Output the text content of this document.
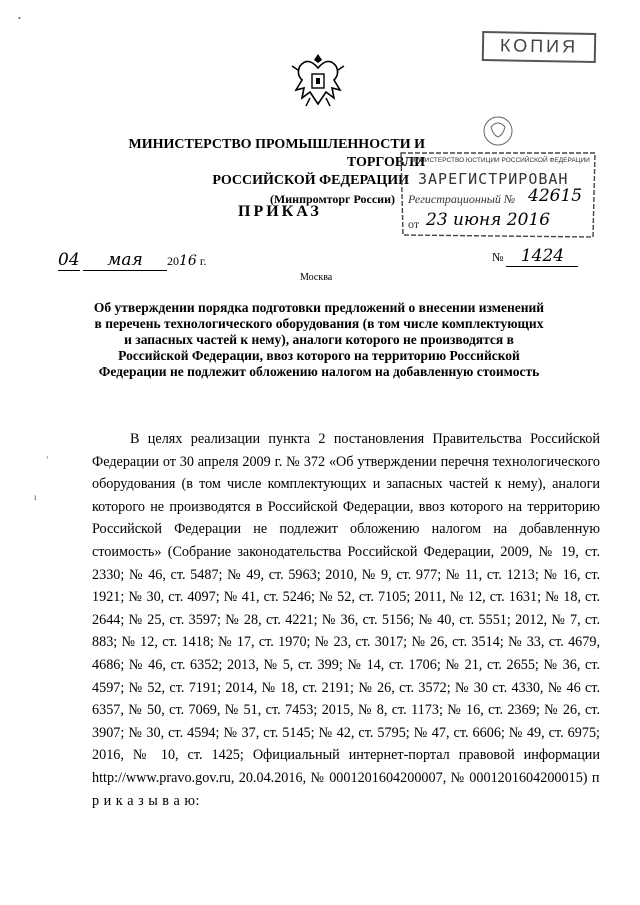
КОПИЯ
•
МИНИСТЕРСТВО ПРОМЫШЛЕННОСТИ И ТОРГОВЛИ
РОССИЙСКОЙ ФЕДЕРАЦИИ
(Минпромторг России)
МИНИСТЕРСТВО ЮСТИЦИИ РОССИЙСКОЙ ФЕДЕРАЦИИ
ЗАРЕГИСТРИРОВАН
Регистрационный № 42615
от 23 июня 2016
ПРИКАЗ
04 мая 2016 г.	№ 1424
Москва
Об утверждении порядка подготовки предложений о внесении изменений в перечень технологического оборудования (в том числе комплектующих и запасных частей к нему), аналоги которого не производятся в Российской Федерации, ввоз которого на территорию Российской Федерации не подлежит обложению налогом на добавленную стоимость
В целях реализации пункта 2 постановления Правительства Российской Федерации от 30 апреля 2009 г. № 372 «Об утверждении перечня технологического оборудования (в том числе комплектующих и запасных частей к нему), аналоги которого не производятся в Российской Федерации, ввоз которого на территорию Российской Федерации не подлежит обложению налогом на добавленную стоимость» (Собрание законодательства Российской Федерации, 2009, № 19, ст. 2330; № 46, ст. 5487; № 49, ст. 5963; 2010, № 9, ст. 977; № 11, ст. 1213; № 16, ст. 1921; № 30, ст. 4097; № 41, ст. 5246; № 52, ст. 7105; 2011, № 12, ст. 1631; № 18, ст. 2644; № 25, ст. 3597; № 28, ст. 4221; № 36, ст. 5156; № 40, ст. 5551; 2012, № 7, ст. 883; № 12, ст. 1418; № 17, ст. 1970; № 23, ст. 3017; № 26, ст. 3514; № 33, ст. 4679, 4686; № 46, ст. 6352; 2013, № 5, ст. 399; № 14, ст. 1706; № 21, ст. 2655; № 36, ст. 4597; № 52, ст. 7191; 2014, № 18, ст. 2191; № 26, ст. 3572; № 30 ст. 4330, № 46 ст. 6357, № 50, ст. 7069, № 51, ст. 7453; 2015, № 8, ст. 1173; № 16, ст. 2369; № 26, ст. 3907; № 30, ст. 4594; № 37, ст. 5145; № 42, ст. 5795; № 47, ст. 6606; № 49, ст. 6975; 2016, № 10, ст. 1425; Официальный интернет-портал правовой информации http://www.pravo.gov.ru, 20.04.2016, № 0001201604200007, № 0001201604200015) п р и к а з ы в а ю:
ʼ
ı
